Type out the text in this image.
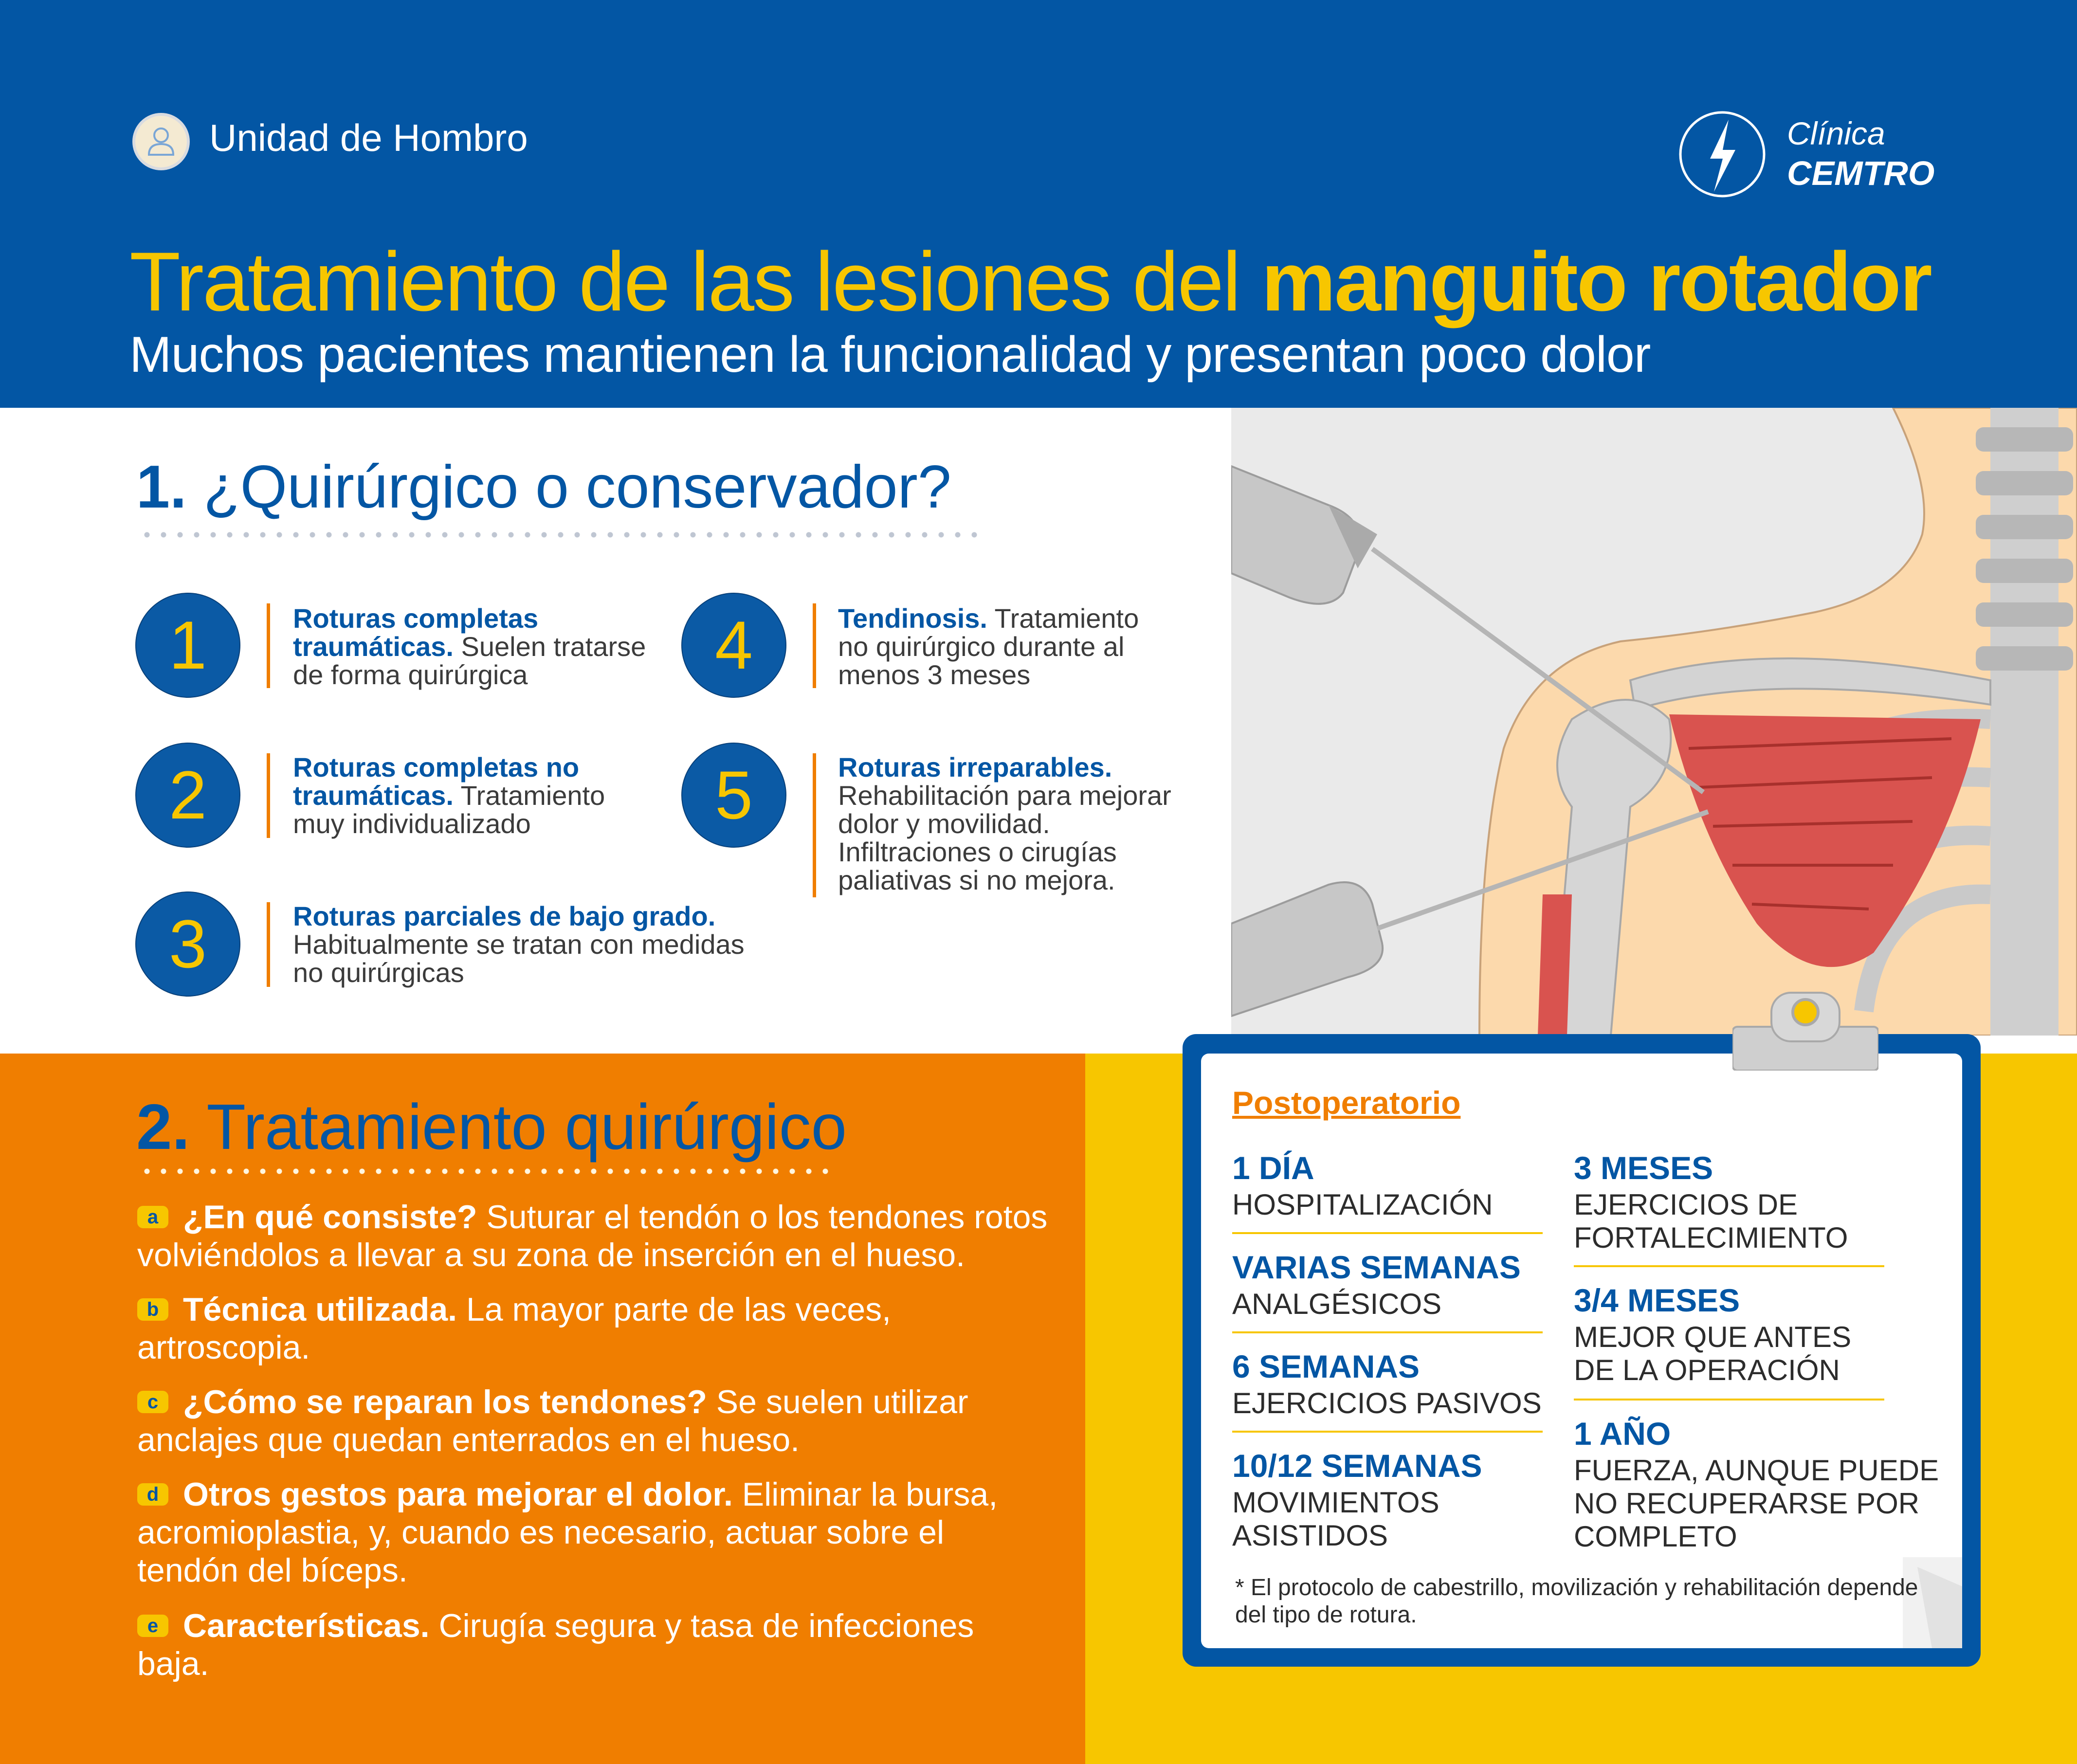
Unidad de Hombro	Clínica
CEMTRO
Tratamiento de las lesiones del manguito rotador
Muchos pacientes mantienen la funcionalidad y presentan poco dolor
1. ¿Quirúrgico o conservador?
1	Roturas completas traumáticas. Suelen tratarse de forma quirúrgica
2	Roturas completas no traumáticas. Tratamiento muy individualizado
3	Roturas parciales de bajo grado. Habitualmente se tratan con medidas no quirúrgicas
4	Tendinosis. Tratamiento no quirúrgico durante al menos 3 meses
5	Roturas irreparables. Rehabilitación para mejorar dolor y movilidad. Infiltraciones o cirugías paliativas si no mejora.
2. Tratamiento quirúrgico
a ¿En qué consiste? Suturar el tendón o los tendones rotos volviéndolos a llevar a su zona de inserción en el hueso.
b Técnica utilizada. La mayor parte de las veces, artroscopia.
c ¿Cómo se reparan los tendones? Se suelen utilizar anclajes que quedan enterrados en el hueso.
d Otros gestos para mejorar el dolor. Eliminar la bursa, acromioplastia, y, cuando es necesario, actuar sobre el tendón del bíceps.
e Características. Cirugía segura y tasa de infecciones baja.
Postoperatorio
1 DÍA
HOSPITALIZACIÓN
VARIAS SEMANAS
ANALGÉSICOS
6 SEMANAS
EJERCICIOS PASIVOS
10/12 SEMANAS
MOVIMIENTOS ASISTIDOS
3 MESES
EJERCICIOS DE FORTALECIMIENTO
3/4 MESES
MEJOR QUE ANTES DE LA OPERACIÓN
1 AÑO
FUERZA, AUNQUE PUEDE NO RECUPERARSE POR COMPLETO
* El protocolo de cabestrillo, movilización y rehabilitación depende del tipo de rotura.
